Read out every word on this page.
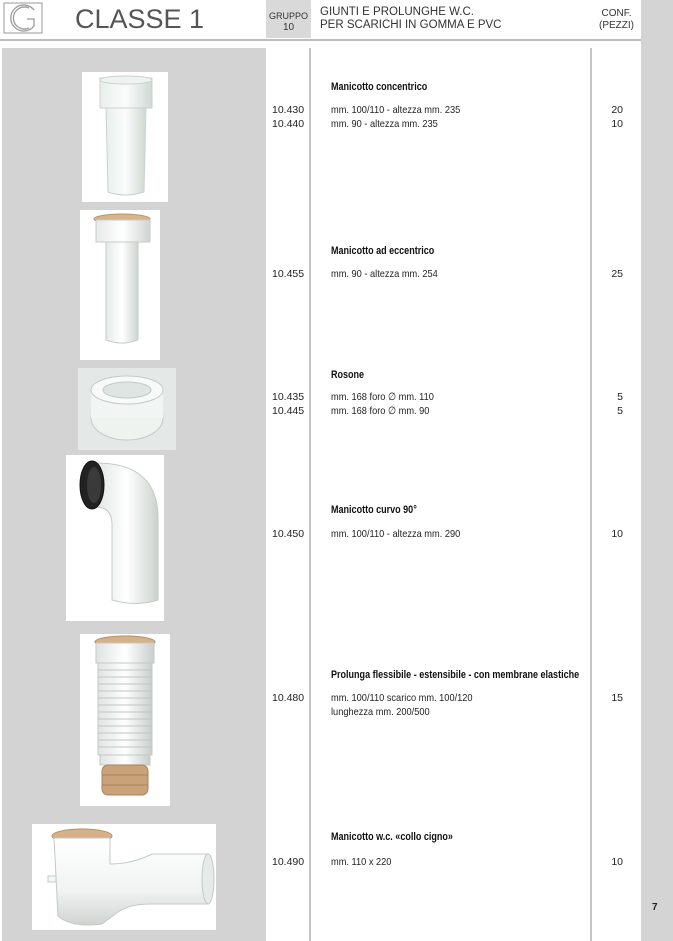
CLASSE 1	GRUPPO
10
GIUNTI E PROLUNGHE W.C.
PER SCARICHI IN GOMMA E PVC
CONF.
(PEZZI)
7
Manicotto concentrico
10.430	mm. 100/110 - altezza mm. 235	20
10.440	mm. 90 - altezza mm. 235	10
Manicotto ad eccentrico
10.455	mm. 90 - altezza mm. 254	25
Rosone
10.435	mm. 168 foro ∅ mm. 110	5
10.445	mm. 168 foro ∅ mm. 90	5
Manicotto curvo 90°
10.450	mm. 100/110 - altezza mm. 290	10
Prolunga flessibile - estensibile - con membrane elastiche
10.480	mm. 100/110 scarico mm. 100/120	15
lunghezza mm. 200/500
Manicotto w.c. «collo cigno»
10.490	mm. 110 x 220	10
